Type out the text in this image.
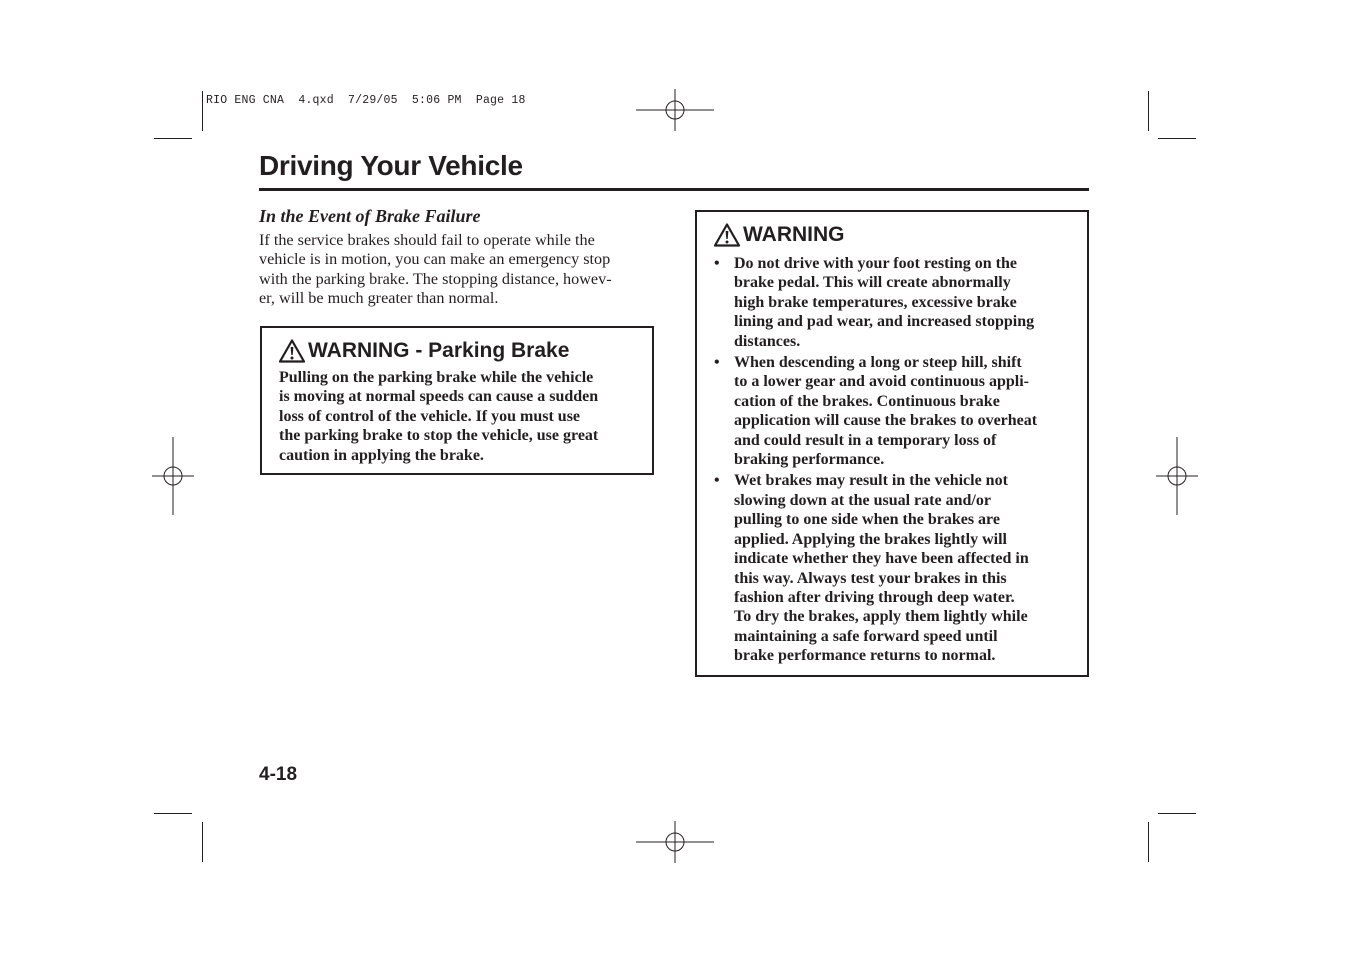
RIO ENG CNA  4.qxd  7/29/05  5:06 PM  Page 18
Driving Your Vehicle
In the Event of Brake Failure
If the service brakes should fail to operate while the
vehicle is in motion, you can make an emergency stop
with the parking brake. The stopping distance, howev-
er, will be much greater than normal.
WARNING - Parking Brake
Pulling on the parking brake while the vehicle
is moving at normal speeds can cause a sudden
loss of control of the vehicle. If you must use
the parking brake to stop the vehicle, use great
caution in applying the brake.
WARNING
• Do not drive with your foot resting on the
brake pedal. This will create abnormally
high brake temperatures, excessive brake
lining and pad wear, and increased stopping
distances.
• When descending a long or steep hill, shift
to a lower gear and avoid continuous appli-
cation of the brakes. Continuous brake
application will cause the brakes to overheat
and could result in a temporary loss of
braking performance.
• Wet brakes may result in the vehicle not
slowing down at the usual rate and/or
pulling to one side when the brakes are
applied. Applying the brakes lightly will
indicate whether they have been affected in
this way. Always test your brakes in this
fashion after driving through deep water.
To dry the brakes, apply them lightly while
maintaining a safe forward speed until
brake performance returns to normal.
4-18
